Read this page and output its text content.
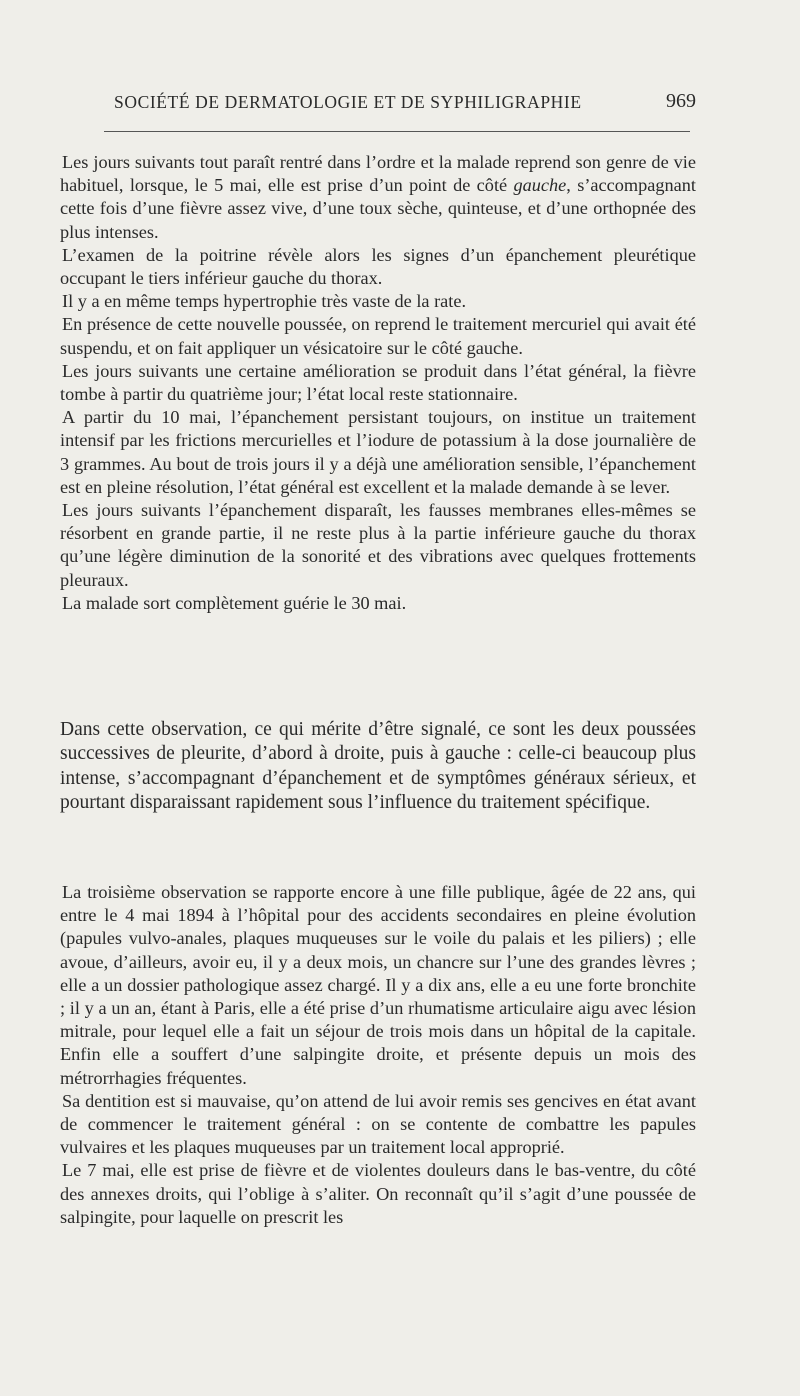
SOCIÉTÉ DE DERMATOLOGIE ET DE SYPHILIGRAPHIE	969

Les jours suivants tout paraît rentré dans l’ordre et la malade reprend son genre de vie habituel, lorsque, le 5 mai, elle est prise d’un point de côté gauche, s’accompagnant cette fois d’une fièvre assez vive, d’une toux sèche, quinteuse, et d’une orthopnée des plus intenses.

L’examen de la poitrine révèle alors les signes d’un épanchement pleurétique occupant le tiers inférieur gauche du thorax.

Il y a en même temps hypertrophie très vaste de la rate.

En présence de cette nouvelle poussée, on reprend le traitement mercuriel qui avait été suspendu, et on fait appliquer un vésicatoire sur le côté gauche.

Les jours suivants une certaine amélioration se produit dans l’état général, la fièvre tombe à partir du quatrième jour; l’état local reste stationnaire.

A partir du 10 mai, l’épanchement persistant toujours, on institue un traitement intensif par les frictions mercurielles et l’iodure de potassium à la dose journalière de 3 grammes. Au bout de trois jours il y a déjà une amélioration sensible, l’épanchement est en pleine résolution, l’état général est excellent et la malade demande à se lever.

Les jours suivants l’épanchement disparaît, les fausses membranes elles-mêmes se résorbent en grande partie, il ne reste plus à la partie inférieure gauche du thorax qu’une légère diminution de la sonorité et des vibrations avec quelques frottements pleuraux.

La malade sort complètement guérie le 30 mai.

Dans cette observation, ce qui mérite d’être signalé, ce sont les deux poussées successives de pleurite, d’abord à droite, puis à gauche : celle-ci beaucoup plus intense, s’accompagnant d’épanchement et de symptômes généraux sérieux, et pourtant disparaissant rapidement sous l’influence du traitement spécifique.

La troisième observation se rapporte encore à une fille publique, âgée de 22 ans, qui entre le 4 mai 1894 à l’hôpital pour des accidents secondaires en pleine évolution (papules vulvo-anales, plaques muqueuses sur le voile du palais et les piliers) ; elle avoue, d’ailleurs, avoir eu, il y a deux mois, un chancre sur l’une des grandes lèvres ; elle a un dossier pathologique assez chargé. Il y a dix ans, elle a eu une forte bronchite ; il y a un an, étant à Paris, elle a été prise d’un rhumatisme articulaire aigu avec lésion mitrale, pour lequel elle a fait un séjour de trois mois dans un hôpital de la capitale. Enfin elle a souffert d’une salpingite droite, et présente depuis un mois des métrorrhagies fréquentes.

Sa dentition est si mauvaise, qu’on attend de lui avoir remis ses gencives en état avant de commencer le traitement général : on se contente de combattre les papules vulvaires et les plaques muqueuses par un traitement local approprié.

Le 7 mai, elle est prise de fièvre et de violentes douleurs dans le bas-ventre, du côté des annexes droits, qui l’oblige à s’aliter. On reconnaît qu’il s’agit d’une poussée de salpingite, pour laquelle on prescrit les
